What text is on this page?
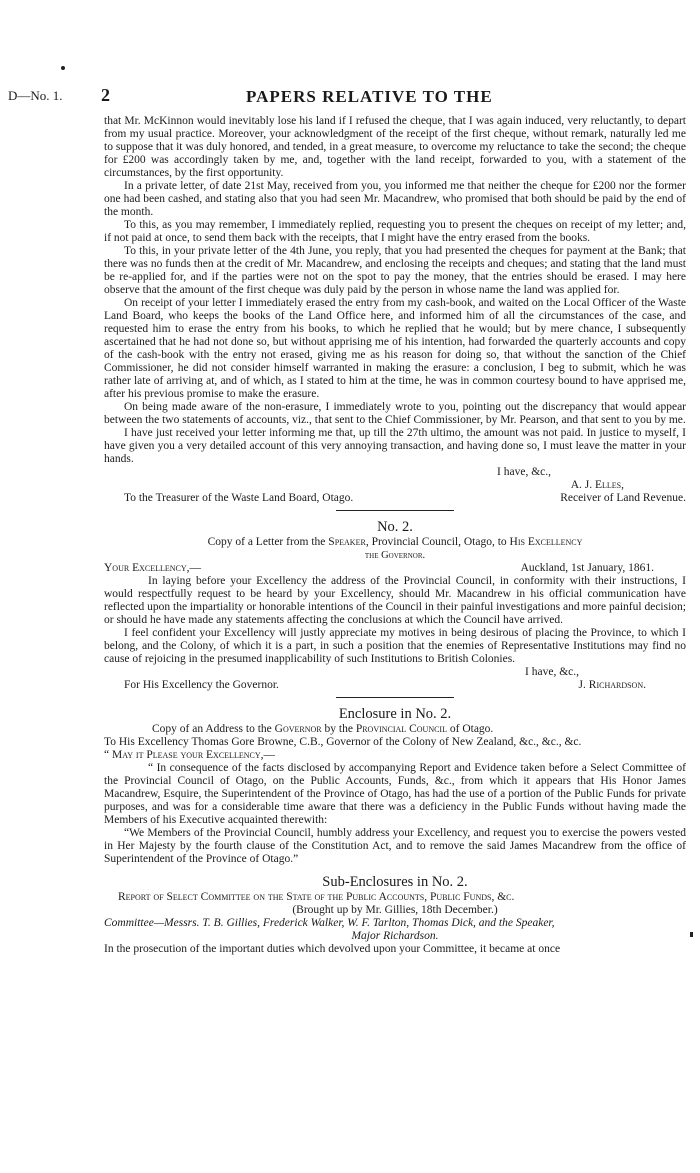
D—No. 1. 2	PAPERS RELATIVE TO THE

that Mr. McKinnon would inevitably lose his land if I refused the cheque, that I was again induced, very reluctantly, to depart from my usual practice. Moreover, your acknowledgment of the receipt of the first cheque, without remark, naturally led me to suppose that it was duly honored, and tended, in a great measure, to overcome my reluctance to take the second; the cheque for £200 was accordingly taken by me, and, together with the land receipt, forwarded to you, with a statement of the circumstances, by the first opportunity.

In a private letter, of date 21st May, received from you, you informed me that neither the cheque for £200 nor the former one had been cashed, and stating also that you had seen Mr. Macandrew, who promised that both should be paid by the end of the month.

To this, as you may remember, I immediately replied, requesting you to present the cheques on receipt of my letter; and, if not paid at once, to send them back with the receipts, that I might have the entry erased from the books.

To this, in your private letter of the 4th June, you reply, that you had presented the cheques for payment at the Bank; that there was no funds then at the credit of Mr. Macandrew, and enclosing the receipts and cheques; and stating that the land must be re-applied for, and if the parties were not on the spot to pay the money, that the entries should be erased. I may here observe that the amount of the first cheque was duly paid by the person in whose name the land was applied for.

On receipt of your letter I immediately erased the entry from my cash-book, and waited on the Local Officer of the Waste Land Board, who keeps the books of the Land Office here, and informed him of all the circumstances of the case, and requested him to erase the entry from his books, to which he replied that he would; but by mere chance, I subsequently ascertained that he had not done so, but without apprising me of his intention, had forwarded the quarterly accounts and copy of the cash-book with the entry not erased, giving me as his reason for doing so, that without the sanction of the Chief Commissioner, he did not consider himself warranted in making the erasure: a conclusion, I beg to submit, which he was rather late of arriving at, and of which, as I stated to him at the time, he was in common courtesy bound to have apprised me, after his previous promise to make the erasure.

On being made aware of the non-erasure, I immediately wrote to you, pointing out the discrepancy that would appear between the two statements of accounts, viz., that sent to the Chief Commissioner, by Mr. Pearson, and that sent to you by me.

I have just received your letter informing me that, up till the 27th ultimo, the amount was not paid. In justice to myself, I have given you a very detailed account of this very annoying transaction, and having done so, I must leave the matter in your hands.

I have, &c.,
A. J. Elles,
To the Treasurer of the Waste Land Board, Otago.	Receiver of Land Revenue.
No. 2.
Copy of a Letter from the Speaker, Provincial Council, Otago, to His Excellency
the Governor.
Your Excellency,—	Auckland, 1st January, 1861.

In laying before your Excellency the address of the Provincial Council, in conformity with their instructions, I would respectfully request to be heard by your Excellency, should Mr. Macandrew in his official communication have reflected upon the impartiality or honorable intentions of the Council in their painful investigations and more painful decision; or should he have made any statements affecting the conclusions at which the Council have arrived.

I feel confident your Excellency will justly appreciate my motives in being desirous of placing the Province, to which I belong, and the Colony, of which it is a part, in such a position that the enemies of Representative Institutions may find no cause of rejoicing in the presumed inapplicability of such Institutions to British Colonies.

I have, &c.,
For His Excellency the Governor.	J. Richardson.
Enclosure in No. 2.
Copy of an Address to the Governor by the Provincial Council of Otago.
To His Excellency Thomas Gore Browne, C.B., Governor of the Colony of New Zealand, &c., &c., &c.
“ May it Please your Excellency,—

“ In consequence of the facts disclosed by accompanying Report and Evidence taken before a Select Committee of the Provincial Council of Otago, on the Public Accounts, Funds, &c., from which it appears that His Honor James Macandrew, Esquire, the Superintendent of the Province of Otago, has had the use of a portion of the Public Funds for private purposes, and was for a considerable time aware that there was a deficiency in the Public Funds without having made the Members of his Executive acquainted therewith:

“We Members of the Provincial Council, humbly address your Excellency, and request you to exercise the powers vested in Her Majesty by the fourth clause of the Constitution Act, and to remove the said James Macandrew from the office of Superintendent of the Province of Otago.”

Sub-Enclosures in No. 2.
Report of Select Committee on the State of the Public Accounts, Public Funds, &c.
(Brought up by Mr. Gillies, 18th December.)
Committee—Messrs. T. B. Gillies, Frederick Walker, W. F. Tarlton, Thomas Dick, and the Speaker,
Major Richardson.
In the prosecution of the important duties which devolved upon your Committee, it became at once
